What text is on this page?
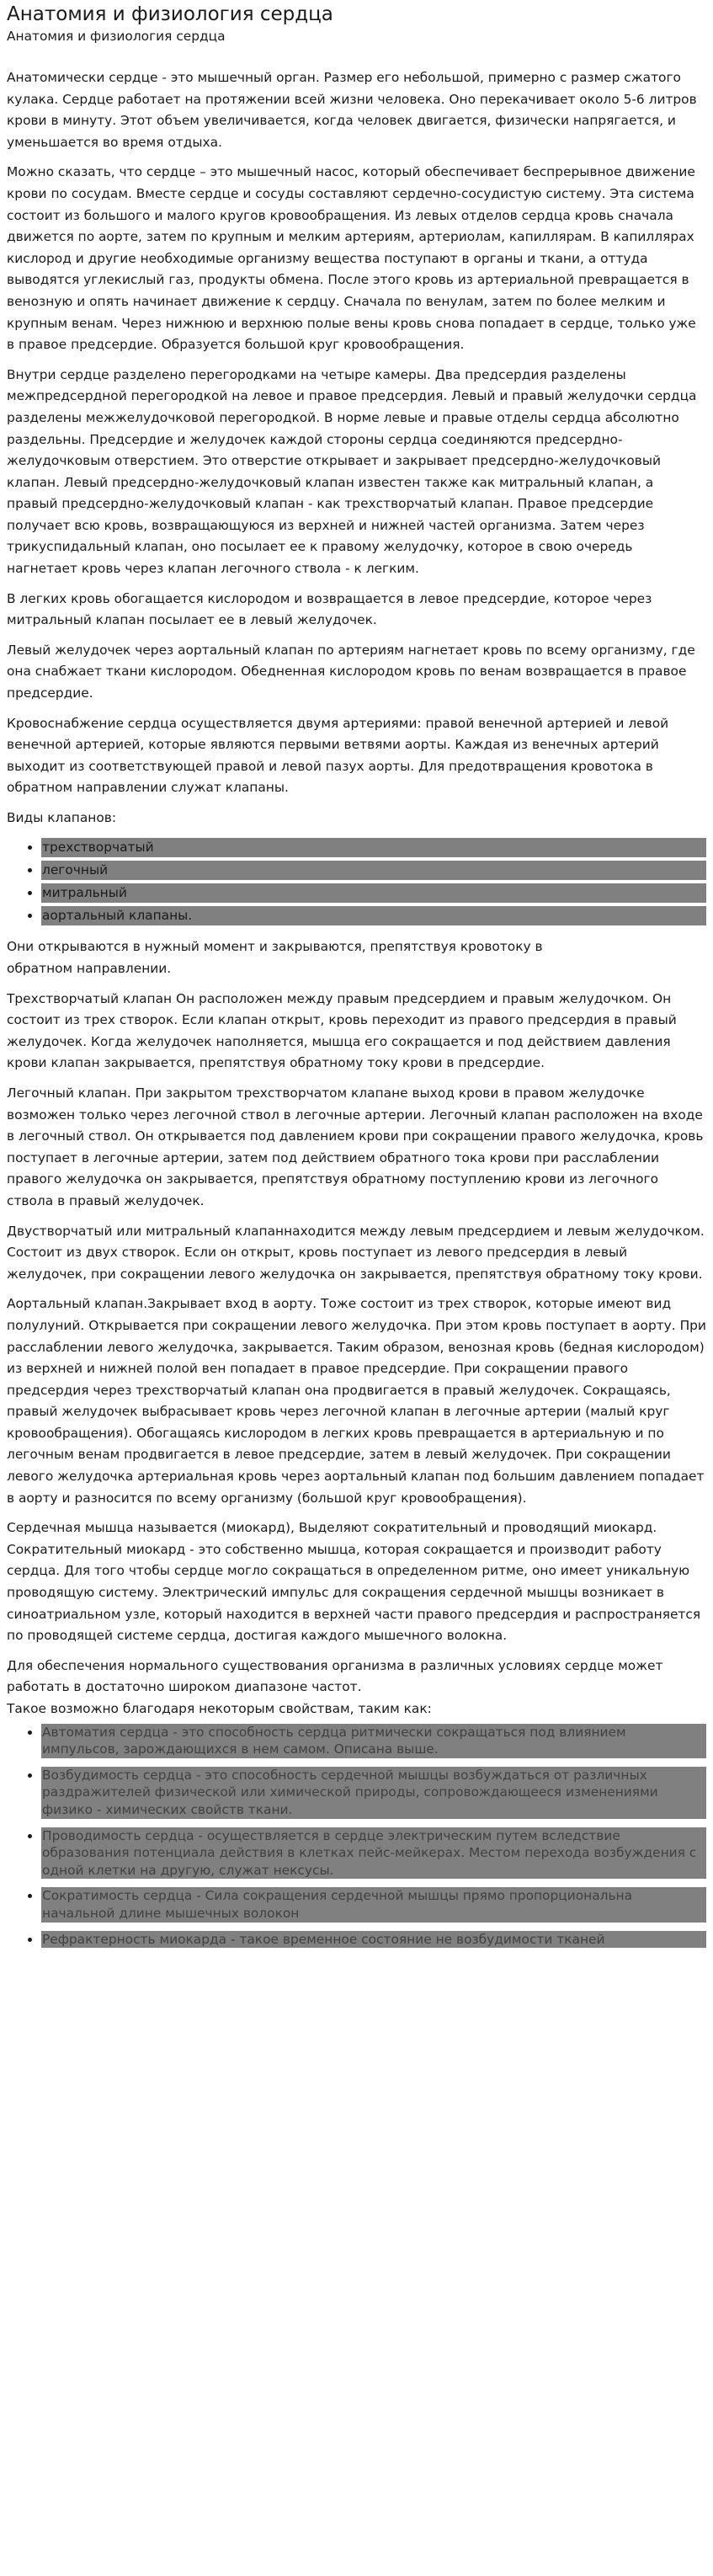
Анатомия и физиология сердца
Анатомия и физиология сердца

Анатомически сердце - это мышечный орган. Размер его небольшой, примерно с размер сжатого кулака. Сердце работает на протяжении всей жизни человека. Оно перекачивает около 5-6 литров крови в минуту. Этот объем увеличивается, когда человек двигается, физически напрягается, и уменьшается во время отдыха.

Можно сказать, что сердце – это мышечный насос, который обеспечивает беспрерывное движение крови по сосудам. Вместе сердце и сосуды составляют сердечно-сосудистую систему. Эта система состоит из большого и малого кругов кровообращения. Из левых отделов сердца кровь сначала движется по аорте, затем по крупным и мелким артериям, артериолам, капиллярам. В капиллярах кислород и другие необходимые организму вещества поступают в органы и ткани, а оттуда выводятся углекислый газ, продукты обмена. После этого кровь из артериальной превращается в венозную и опять начинает движение к сердцу. Сначала по венулам, затем по более мелким и крупным венам. Через нижнюю и верхнюю полые вены кровь снова попадает в сердце, только уже в правое предсердие. Образуется большой круг кровообращения.

Внутри сердце разделено перегородками на четыре камеры. Два предсердия разделены межпредсердной перегородкой на левое и правое предсердия. Левый и правый желудочки сердца разделены межжелудочковой перегородкой. В норме левые и правые отделы сердца абсолютно раздельны. Предсердие и желудочек каждой стороны сердца соединяются предсердно-желудочковым отверстием. Это отверстие открывает и закрывает предсердно-желудочковый клапан. Левый предсердно-желудочковый клапан известен также как митральный клапан, а правый предсердно-желудочковый клапан - как трехстворчатый клапан. Правое предсердие получает всю кровь, возвращающуюся из верхней и нижней частей организма. Затем через трикуспидальный клапан, оно посылает ее к правому желудочку, которое в свою очередь нагнетает кровь через клапан легочного ствола - к легким.

В легких кровь обогащается кислородом и возвращается в левое предсердие, которое через митральный клапан посылает ее в левый желудочек.

Левый желудочек через аортальный клапан по артериям нагнетает кровь по всему организму, где она снабжает ткани кислородом. Обедненная кислородом кровь по венам возвращается в правое предсердие.

Кровоснабжение сердца осуществляется двумя артериями: правой венечной артерией и левой венечной артерией, которые являются первыми ветвями аорты. Каждая из венечных артерий выходит из соответствующей правой и левой пазух аорты. Для предотвращения кровотока в обратном направлении служат клапаны.

Виды клапанов:

• трехстворчатый
• легочный
• митральный
• аортальный клапаны.

Они открываются в нужный момент и закрываются, препятствуя кровотоку в обратном направлении.

Трехстворчатый клапан Он расположен между правым предсердием и правым желудочком. Он состоит из трех створок. Если клапан открыт, кровь переходит из правого предсердия в правый желудочек. Когда желудочек наполняется, мышца его сокращается и под действием давления крови клапан закрывается, препятствуя обратному току крови в предсердие.

Легочный клапан. При закрытом трехстворчатом клапане выход крови в правом желудочке возможен только через легочной ствол в легочные артерии. Легочный клапан расположен на входе в легочный ствол. Он открывается под давлением крови при сокращении правого желудочка, кровь поступает в легочные артерии, затем под действием обратного тока крови при расслаблении правого желудочка он закрывается, препятствуя обратному поступлению крови из легочного ствола в правый желудочек.

Двустворчатый или митральный клапаннаходится между левым предсердием и левым желудочком. Состоит из двух створок. Если он открыт, кровь поступает из левого предсердия в левый желудочек, при сокращении левого желудочка он закрывается, препятствуя обратному току крови.

Аортальный клапан.Закрывает вход в аорту. Тоже состоит из трех створок, которые имеют вид полулуний. Открывается при сокращении левого желудочка. При этом кровь поступает в аорту. При расслаблении левого желудочка, закрывается. Таким образом, венозная кровь (бедная кислородом) из верхней и нижней полой вен попадает в правое предсердие. При сокращении правого предсердия через трехстворчатый клапан она продвигается в правый желудочек. Сокращаясь, правый желудочек выбрасывает кровь через легочной клапан в легочные артерии (малый круг кровообращения). Обогащаясь кислородом в легких кровь превращается в артериальную и по легочным венам продвигается в левое предсердие, затем в левый желудочек. При сокращении левого желудочка артериальная кровь через аортальный клапан под большим давлением попадает в аорту и разносится по всему организму (большой круг кровообращения).

Сердечная мышца называется (миокард), Выделяют сократительный и проводящий миокард. Сократительный миокард - это собственно мышца, которая сокращается и производит работу сердца. Для того чтобы сердце могло сокращаться в определенном ритме, оно имеет уникальную проводящую систему. Электрический импульс для сокращения сердечной мышцы возникает в синоатриальном узле, который находится в верхней части правого предсердия и распространяется по проводящей системе сердца, достигая каждого мышечного волокна.

Для обеспечения нормального существования организма в различных условиях сердце может работать в достаточно широком диапазоне частот.
Такое возможно благодаря некоторым свойствам, таким как:

• Автоматия сердца - это способность сердца ритмически сокращаться под влиянием импульсов, зарождающихся в нем самом. Описана выше.
• Возбудимость сердца - это способность сердечной мышцы возбуждаться от различных раздражителей физической или химической природы, сопровождающееся изменениями физико - химических свойств ткани.
• Проводимость сердца - осуществляется в сердце электрическим путем вследствие образования потенциала действия в клетках пейс-мейкерах. Местом перехода возбуждения с одной клетки на другую, служат нексусы.
• Сократимость сердца - Сила сокращения сердечной мышцы прямо пропорциональна начальной длине мышечных волокон
• Рефрактерность миокарда - такое временное состояние не возбудимости тканей
